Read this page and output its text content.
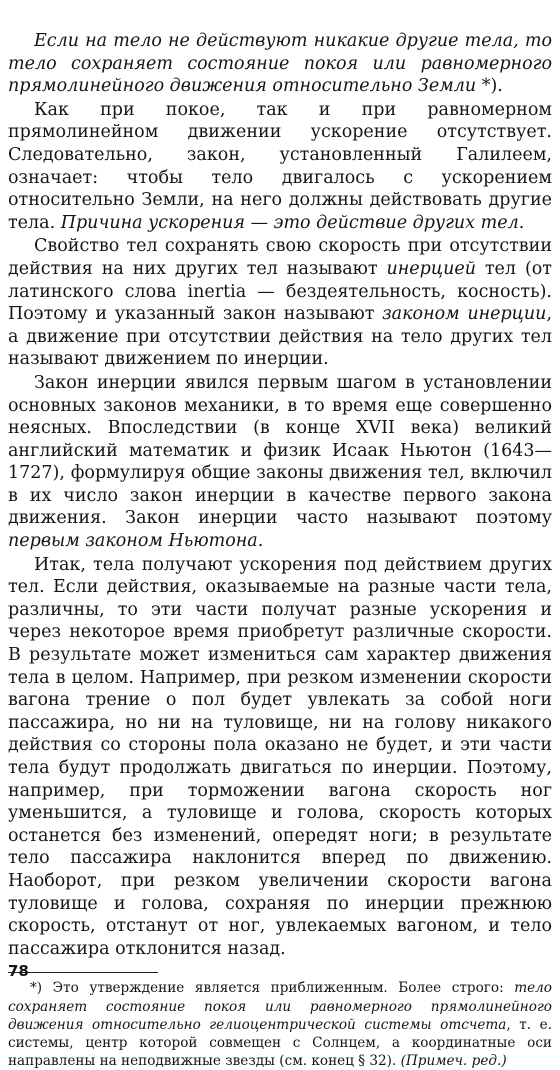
Если на тело не действуют никакие другие тела, то тело сохраняет состояние покоя или равномерного прямолинейного движения относительно Земли *).

Как при покое, так и при равномерном прямолинейном движении ускорение отсутствует. Следовательно, закон, установленный Галилеем, означает: чтобы тело двигалось с ускорением относительно Земли, на него должны действовать другие тела. Причина ускорения — это действие других тел.

Свойство тел сохранять свою скорость при отсутствии действия на них других тел называют инерцией тел (от латинского слова inertia — бездеятельность, косность). Поэтому и указанный закон называют законом инерции, а движение при отсутствии действия на тело других тел называют движением по инерции.

Закон инерции явился первым шагом в установлении основных законов механики, в то время еще совершенно неясных. Впоследствии (в конце XVII века) великий английский математик и физик Исаак Ньютон (1643—1727), формулируя общие законы движения тел, включил в их число закон инерции в качестве первого закона движения. Закон инерции часто называют поэтому первым законом Ньютона.

Итак, тела получают ускорения под действием других тел. Если действия, оказываемые на разные части тела, различны, то эти части получат разные ускорения и через некоторое время приобретут различные скорости. В результате может измениться сам характер движения тела в целом. Например, при резком изменении скорости вагона трение о пол будет увлекать за собой ноги пассажира, но ни на туловище, ни на голову никакого действия со стороны пола оказано не будет, и эти части тела будут продолжать двигаться по инерции. Поэтому, например, при торможении вагона скорость ног уменьшится, а туловище и голова, скорость которых останется без изменений, опередят ноги; в результате тело пассажира наклонится вперед по движению. Наоборот, при резком увеличении скорости вагона туловище и голова, сохраняя по инерции прежнюю скорость, отстанут от ног, увлекаемых вагоном, и тело пассажира отклонится назад.

*) Это утверждение является приближенным. Более строго: тело сохраняет состояние покоя или равномерного прямолинейного движения относительно гелиоцентрической системы отсчета, т. е. системы, центр которой совмещен с Солнцем, а координатные оси направлены на неподвижные звезды (см. конец § 32). (Примеч. ред.)

78
